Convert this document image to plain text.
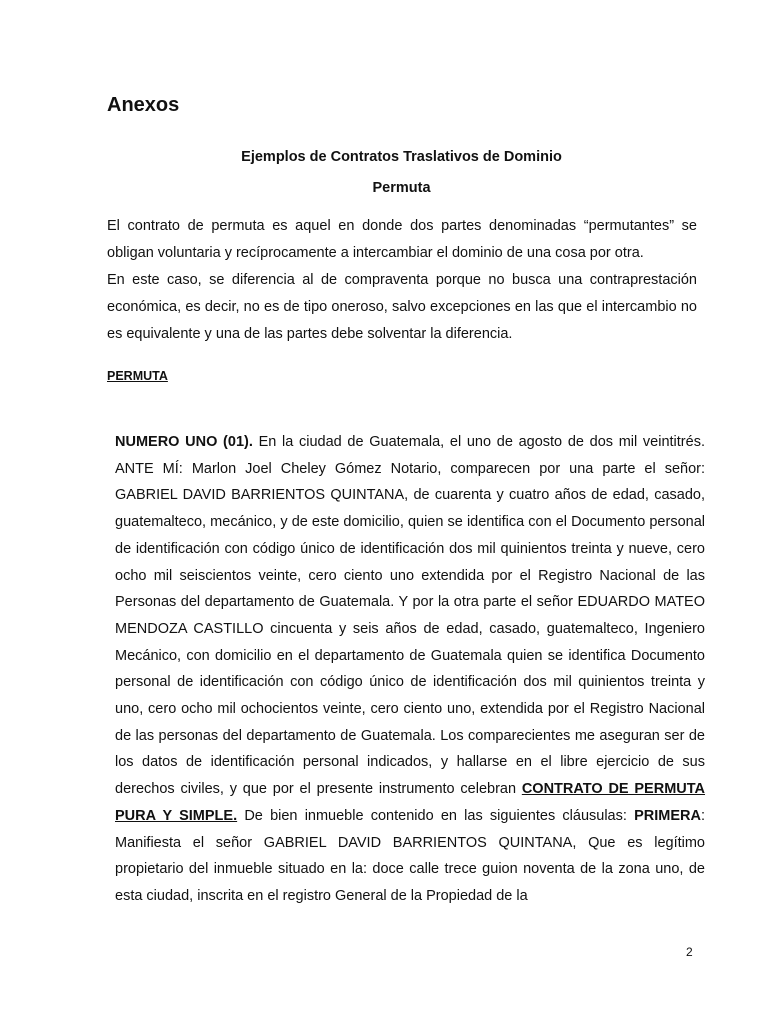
Anexos

Ejemplos de Contratos Traslativos de Dominio

Permuta

El contrato de permuta es aquel en donde dos partes denominadas “permutantes” se obligan voluntaria y recíprocamente a intercambiar el dominio de una cosa por otra.

En este caso, se diferencia al de compraventa porque no busca una contraprestación económica, es decir, no es de tipo oneroso, salvo excepciones en las que el intercambio no es equivalente y una de las partes debe solventar la diferencia.

PERMUTA

NUMERO UNO (01). En la ciudad de Guatemala, el uno de agosto de dos mil veintitrés. ANTE MÍ: Marlon Joel Cheley Gómez Notario, comparecen por una parte el señor: GABRIEL DAVID BARRIENTOS QUINTANA, de cuarenta y cuatro años de edad, casado, guatemalteco, mecánico, y de este domicilio, quien se identifica con el Documento personal de identificación con código único de identificación dos mil quinientos treinta y nueve, cero ocho mil seiscientos veinte, cero ciento uno extendida por el Registro Nacional de las Personas del departamento de Guatemala. Y por la otra parte el señor EDUARDO MATEO MENDOZA CASTILLO cincuenta y seis años de edad, casado, guatemalteco, Ingeniero Mecánico, con domicilio en el departamento de Guatemala quien se identifica Documento personal de identificación con código único de identificación dos mil quinientos treinta y uno, cero ocho mil ochocientos veinte, cero ciento uno, extendida por el Registro Nacional de las personas del departamento de Guatemala. Los comparecientes me aseguran ser de los datos de identificación personal indicados, y hallarse en el libre ejercicio de sus derechos civiles, y que por el presente instrumento celebran CONTRATO DE PERMUTA PURA Y SIMPLE. De bien inmueble contenido en las siguientes cláusulas: PRIMERA: Manifiesta el señor GABRIEL DAVID BARRIENTOS QUINTANA, Que es legítimo propietario del inmueble situado en la: doce calle trece guion noventa de la zona uno, de esta ciudad, inscrita en el registro General de la Propiedad de la

2
